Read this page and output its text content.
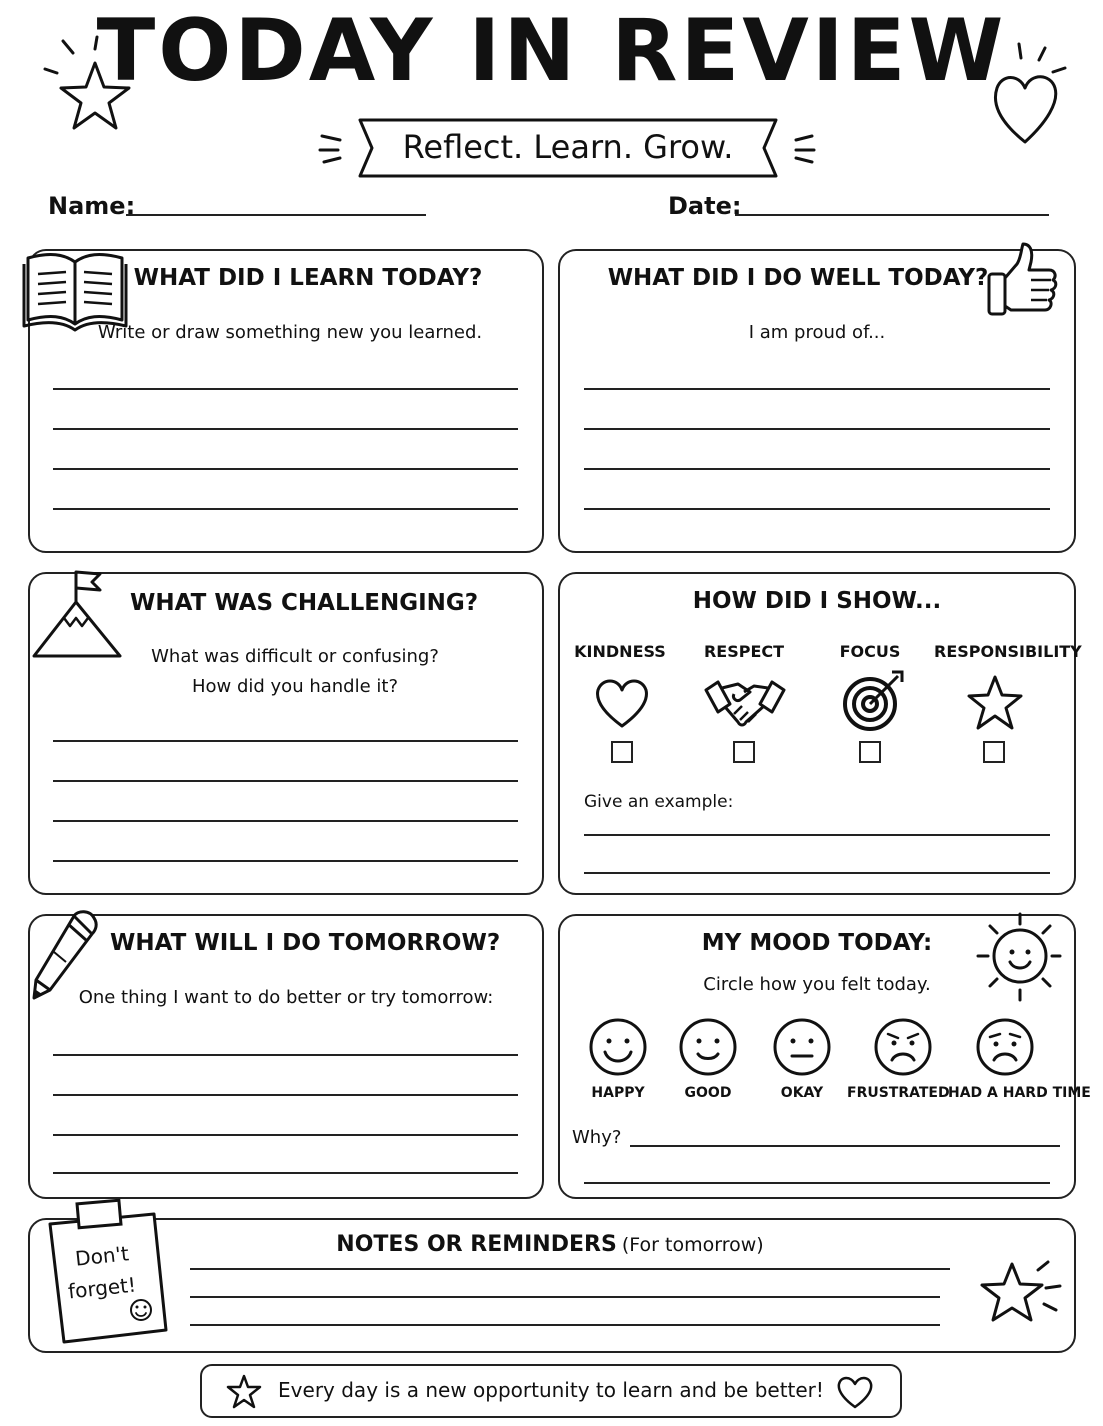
TODAY IN REVIEW
Reflect. Learn. Grow.
Name:	Date:
WHAT DID I LEARN TODAY?
Write or draw something new you learned.
WHAT DID I DO WELL TODAY?
I am proud of...
WHAT WAS CHALLENGING?
What was difficult or confusing?
How did you handle it?
HOW DID I SHOW...
KINDNESS	RESPECT	FOCUS	RESPONSIBILITY
Give an example:
WHAT WILL I DO TOMORROW?
One thing I want to do better or try tomorrow:
MY MOOD TODAY:
Circle how you felt today.
HAPPY	GOOD	OKAY	FRUSTRATED
HAD A HARD TIME
Why?
Don't
forget!
NOTES OR REMINDERS (For tomorrow)
Every day is a new opportunity to learn and be better!
